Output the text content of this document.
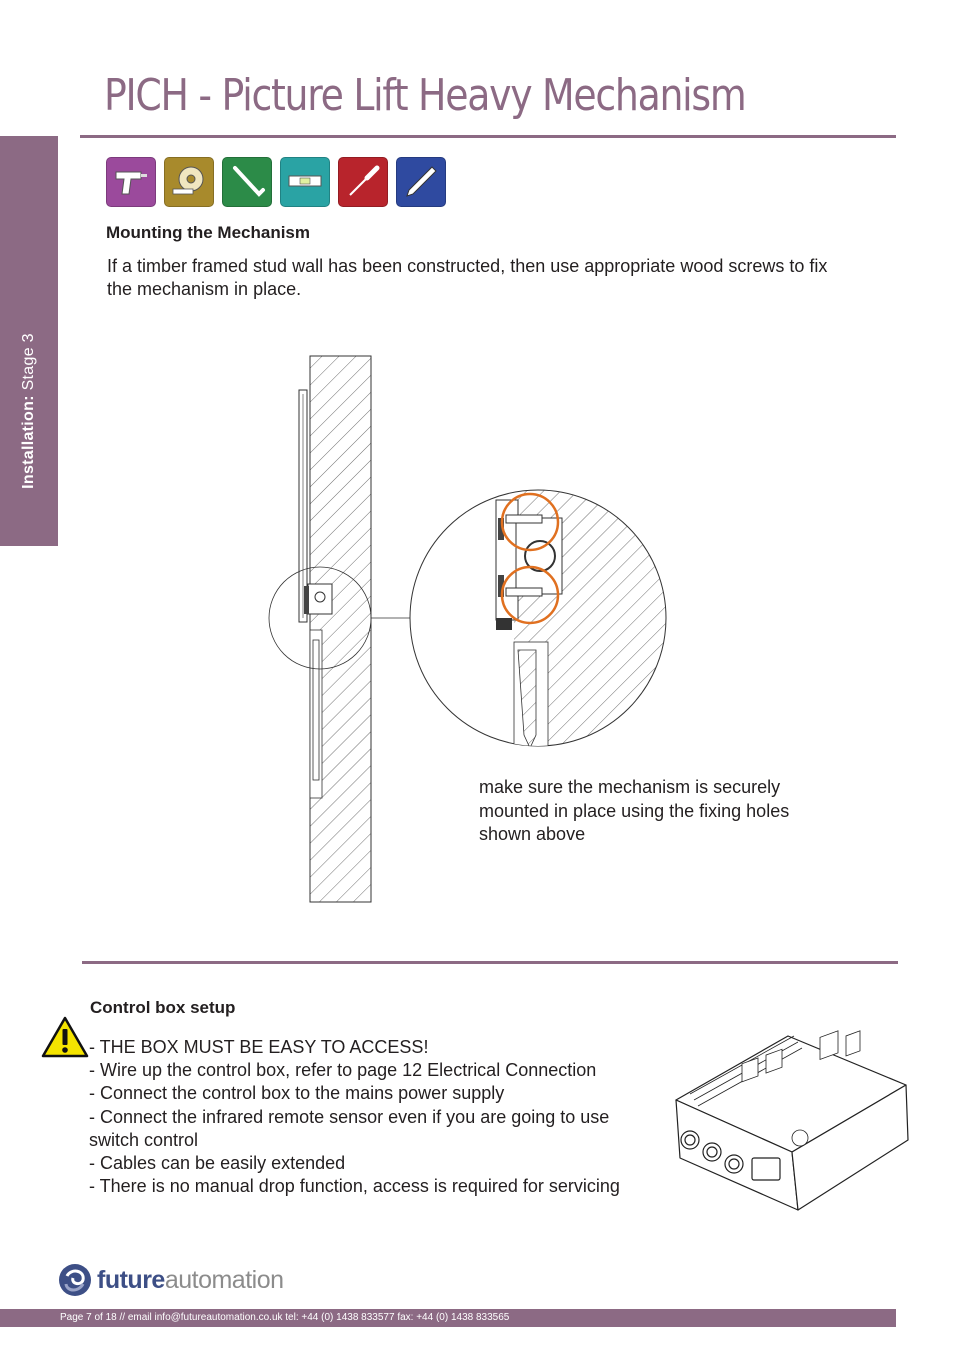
Installation: Stage 3
PICH - Picture Lift Heavy Mechanism
Mounting the Mechanism

If a timber framed stud wall has been constructed, then use appropriate wood screws to fix the mechanism in place.

make sure the mechanism is securely mounted in place using the fixing holes shown above

Control box setup
- THE BOX MUST BE EASY TO ACCESS!
- Wire up the control box, refer to page 12 Electrical Connection
- Connect the control box to the mains power supply
- Connect the infrared remote sensor even if you are going to use switch control
- Cables can be easily extended
- There is no manual drop function, access is required for servicing
futureautomation
Page 7 of 18 // email info@futureautomation.co.uk tel: +44 (0) 1438 833577 fax: +44 (0) 1438 833565
